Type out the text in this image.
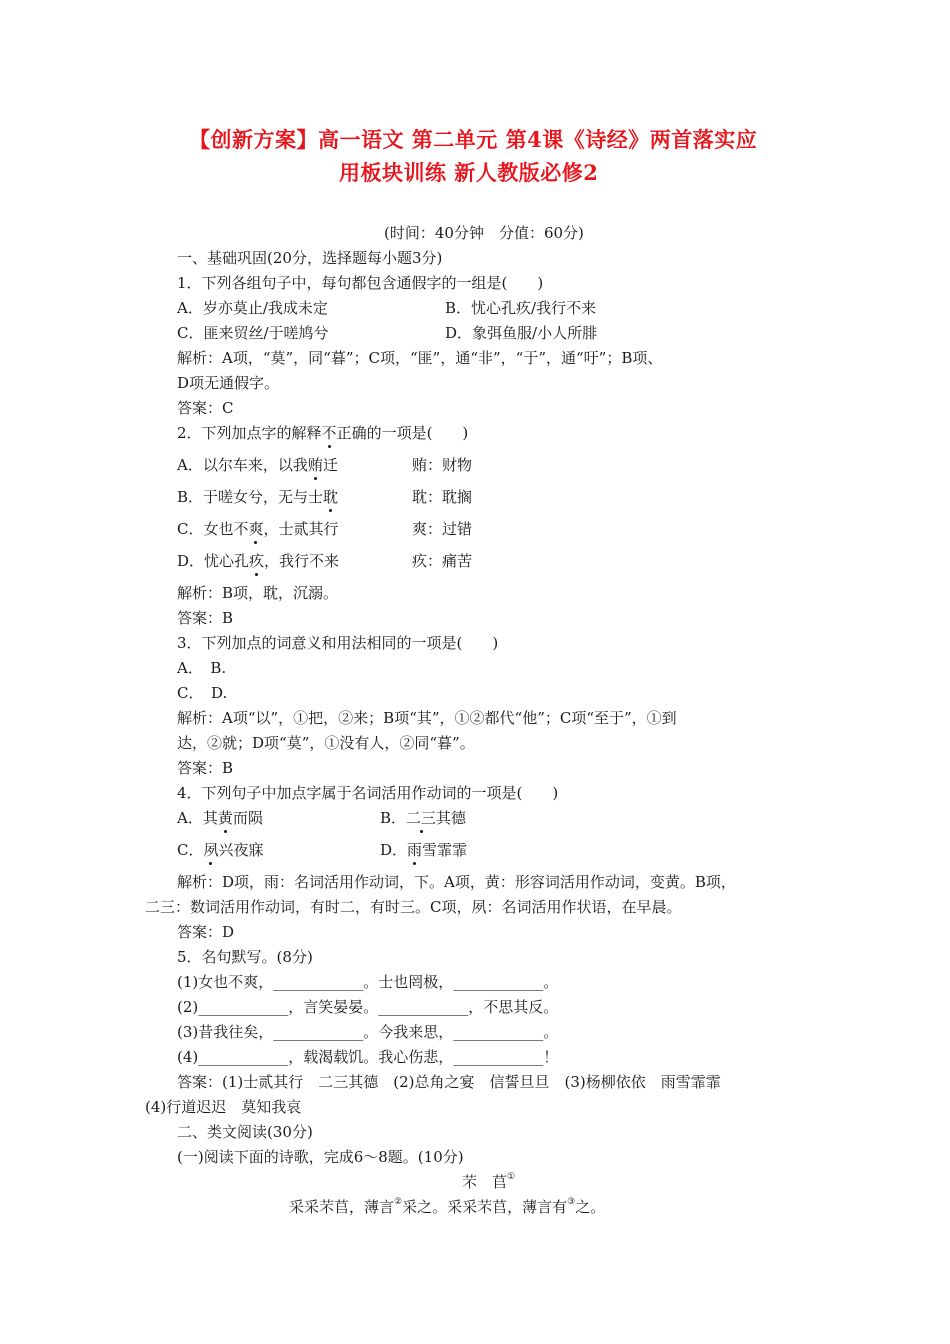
【创新方案】高一语文 第二单元 第4课《诗经》两首落实应
用板块训练 新人教版必修2
(时间：40分钟　分值：60分)
一、基础巩固(20分，选择题每小题3分)
1．下列各组句子中，每句都包含通假字的一组是(　　)
A．岁亦莫止/我成未定	B．忧心孔疚/我行不来
C．匪来贸丝/于嗟鸠兮	D．象弭鱼服/小人所腓
解析：A项，“莫”，同“暮”；C项，“匪”，通“非”，“于”，通“吁”；B项、
D项无通假字。
答案：C
2．下列加点字的解释不正确的一项是(　　)
A．以尔车来，以我贿迁	贿：财物
B．于嗟女兮，无与士耽	耽：耽搁
C．女也不爽，士贰其行	爽：过错
D．忧心孔疚，我行不来	疚：痛苦
解析：B项，耽，沉溺。
答案：B
3．下列加点的词意义和用法相同的一项是(　　)
A．　B.
C．　D.
解析：A项“以”，①把，②来；B项“其”，①②都代“他”；C项“至于”，①到
达，②就；D项“莫”，①没有人，②同“暮”。
答案：B
4．下列句子中加点字属于名词活用作动词的一项是(　　)
A．其黄而陨	B．二三其德
C．夙兴夜寐	D．雨雪霏霏
解析：D项，雨：名词活用作动词，下。A项，黄：形容词活用作动词，变黄。B项，
二三：数词活用作动词，有时二，有时三。C项，夙：名词活用作状语，在早晨。
答案：D
5．名句默写。(8分)
(1)女也不爽，____________。士也罔极，____________。
(2)____________，言笑晏晏。____________，不思其反。
(3)昔我往矣，____________。今我来思，____________。
(4)____________，载渴载饥。我心伤悲，____________！
答案：(1)士贰其行　二三其德　(2)总角之宴　信誓旦旦　(3)杨柳依依　雨雪霏霏
(4)行道迟迟　莫知我哀
二、类文阅读(30分)
(一)阅读下面的诗歌，完成6～8题。(10分)
芣　苢①
采采芣苢，薄言②采之。采采芣苢，薄言有③之。
